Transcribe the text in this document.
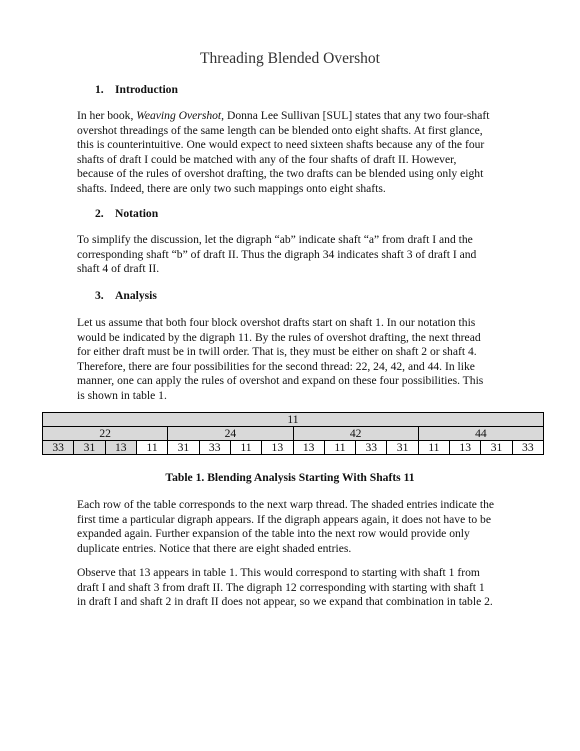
Threading Blended Overshot
1. Introduction
In her book, Weaving Overshot, Donna Lee Sullivan [SUL] states that any two four-shaft
overshot threadings of the same length can be blended onto eight shafts. At first glance,
this is counterintuitive. One would expect to need sixteen shafts because any of the four
shafts of draft I could be matched with any of the four shafts of draft II. However,
because of the rules of overshot drafting, the two drafts can be blended using only eight
shafts. Indeed, there are only two such mappings onto eight shafts.
2. Notation
To simplify the discussion, let the digraph “ab” indicate shaft “a” from draft I and the
corresponding shaft “b” of draft II. Thus the digraph 34 indicates shaft 3 of draft I and
shaft 4 of draft II.
3. Analysis
Let us assume that both four block overshot drafts start on shaft 1. In our notation this
would be indicated by the digraph 11. By the rules of overshot drafting, the next thread
for either draft must be in twill order. That is, they must be either on shaft 2 or shaft 4.
Therefore, there are four possibilities for the second thread: 22, 24, 42, and 44. In like
manner, one can apply the rules of overshot and expand on these four possibilities. This
is shown in table 1.
11															
22				24				42				44			
33	31	13	11	31	33	11	13	13	11	33	31	11	13	31	33
Table 1. Blending Analysis Starting With Shafts 11
Each row of the table corresponds to the next warp thread. The shaded entries indicate the
first time a particular digraph appears. If the digraph appears again, it does not have to be
expanded again. Further expansion of the table into the next row would provide only
duplicate entries. Notice that there are eight shaded entries.
Observe that 13 appears in table 1. This would correspond to starting with shaft 1 from
draft I and shaft 3 from draft II. The digraph 12 corresponding with starting with shaft 1
in draft I and shaft 2 in draft II does not appear, so we expand that combination in table 2.
